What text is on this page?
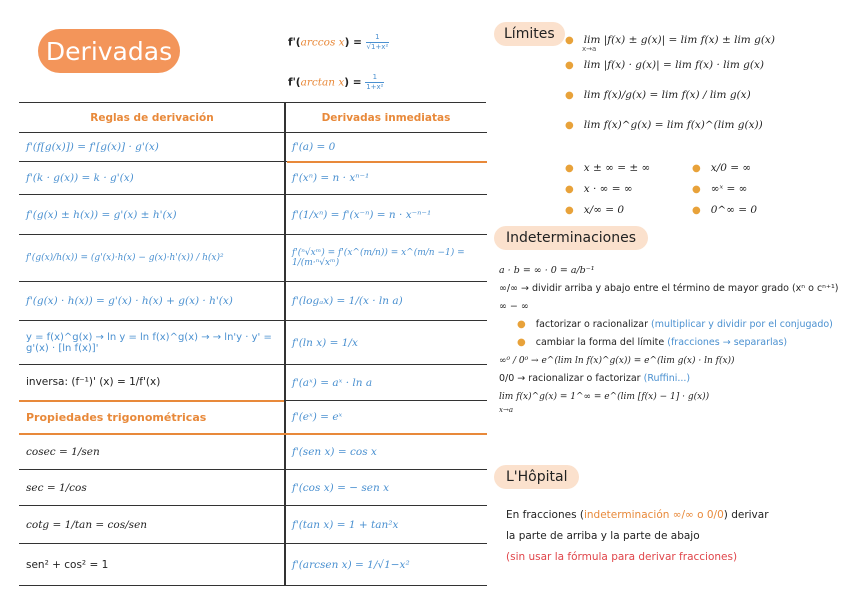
Derivadas	f'(arccos $x) = \frac{1}{\text{√1+x²}}$
f'(arctan $x) = \frac{1}{\text{1+x²}}$
Reglas de derivación	Derivadas inmediatas
f'(f[g(x)]) = f'[g(x)] · g'(x)	f'(a) = 0
f'(k · g(x)) = k · g'(x)	f'(xⁿ) = n · xⁿ⁻¹
f'(g(x) ± h(x)) = g'(x) ± h'(x)	f'(1/xⁿ) = f'(x⁻ⁿ) = n · x⁻ⁿ⁻¹
f'(g(x)/h(x)) = (g'(x)·h(x) − g(x)·h'(x)) / h(x)²	f'(ⁿ√xᵐ) = f'(x^(m/n)) = x^(m/n −1) = 1/(m·ⁿ√xᵐ)
f'(g(x) · h(x)) = g'(x) · h(x) + g(x) · h'(x)	f'(logₐx) = 1/(x · ln a)
y = f(x)^g(x) → ln y = ln f(x)^g(x) → → ln'y · y' = g'(x) · [ln f(x)]'	f'(ln x) = 1/x
inversa: (f⁻¹)' (x) = 1/f'(x)	f'(aˣ) = aˣ · ln a
Propiedades trigonométricas	f'(eˣ) = eˣ
cosec = 1/sen	f'(sen x) = cos x
sec = 1/cos	f'(cos x) = − sen x
cotg = 1/tan = cos/sen	f'(tan x) = 1 + tan²x
sen² + cos² = 1	f'(arcsen x) = 1/√1−x²
Límites	● lim |f(x) ± g(x)| = lim f(x) ± lim g(x)
● lim |f(x) · g(x)| = lim f(x) · lim g(x)
● lim f(x)/g(x) = lim f(x) / lim g(x)
● lim f(x)^g(x) = lim f(x)^(lim g(x))
x→a
● x ± ∞ = ± ∞
● x · ∞ = ∞
● x/∞ = 0
● x/0 = ∞
● ∞ˣ = ∞
● 0^∞ = 0
Indeterminaciones
a · b = ∞ · 0 = a/b⁻¹
∞/∞ → dividir arriba y abajo entre el término de mayor grado (xⁿ o cⁿ⁺¹)
∞ − ∞
● factorizar o racionalizar (multiplicar y dividir por el conjugado)
● cambiar la forma del límite (fracciones → separarlas)
∞⁰ / 0⁰ → e^(lim ln f(x)^g(x)) = e^(lim g(x) · ln f(x))
0/0 → racionalizar o factorizar (Ruffini...)
lim f(x)^g(x) = 1^∞ = e^(lim [f(x) − 1] · g(x))
x→a
L'Hôpital
En fracciones (indeterminación ∞/∞ o 0/0) derivar
la parte de arriba y la parte de abajo
(sin usar la fórmula para derivar fracciones)
